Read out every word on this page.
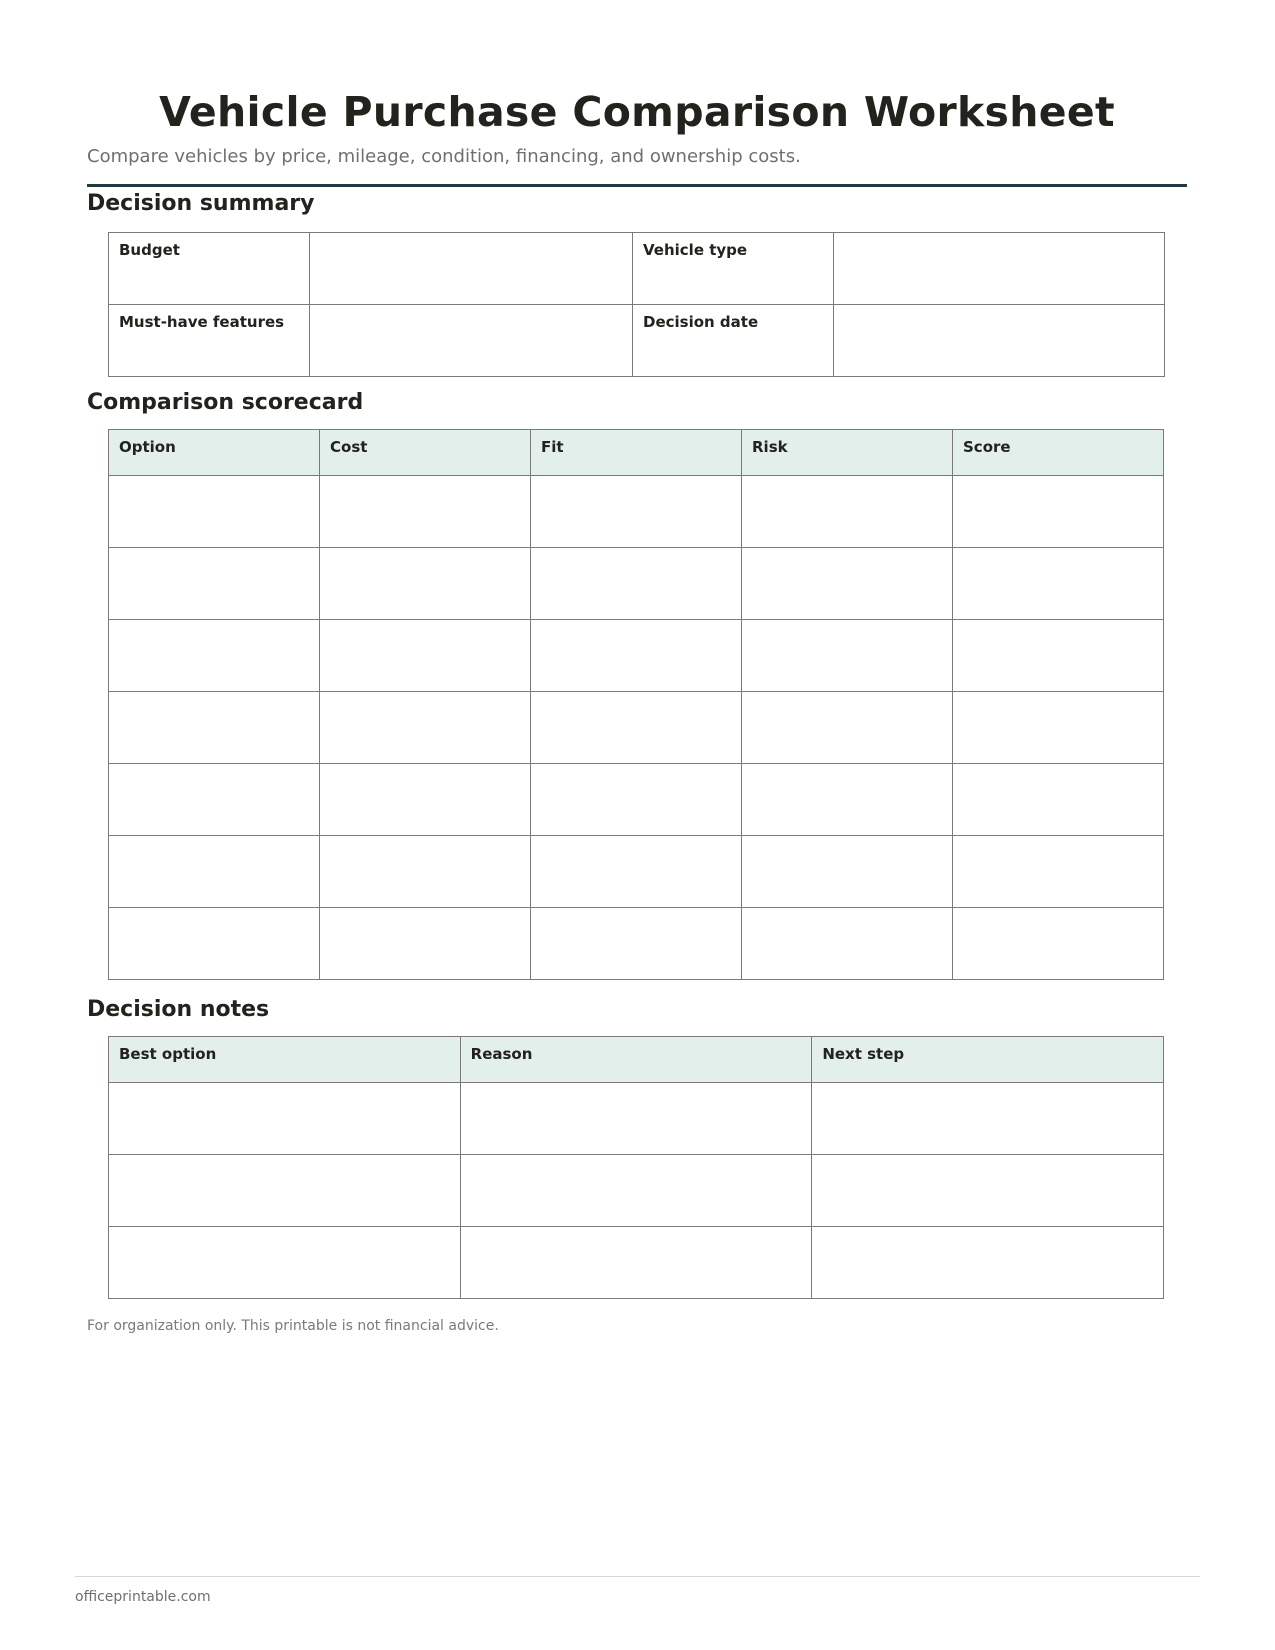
Vehicle Purchase Comparison Worksheet
Compare vehicles by price, mileage, condition, financing, and ownership costs.
Decision summary
Budget		Vehicle type	
Must-have features		Decision date	
Comparison scorecard
Option	Cost	Fit	Risk	Score

Decision notes
Best option	Reason	Next step

For organization only. This printable is not financial advice.
officeprintable.com
